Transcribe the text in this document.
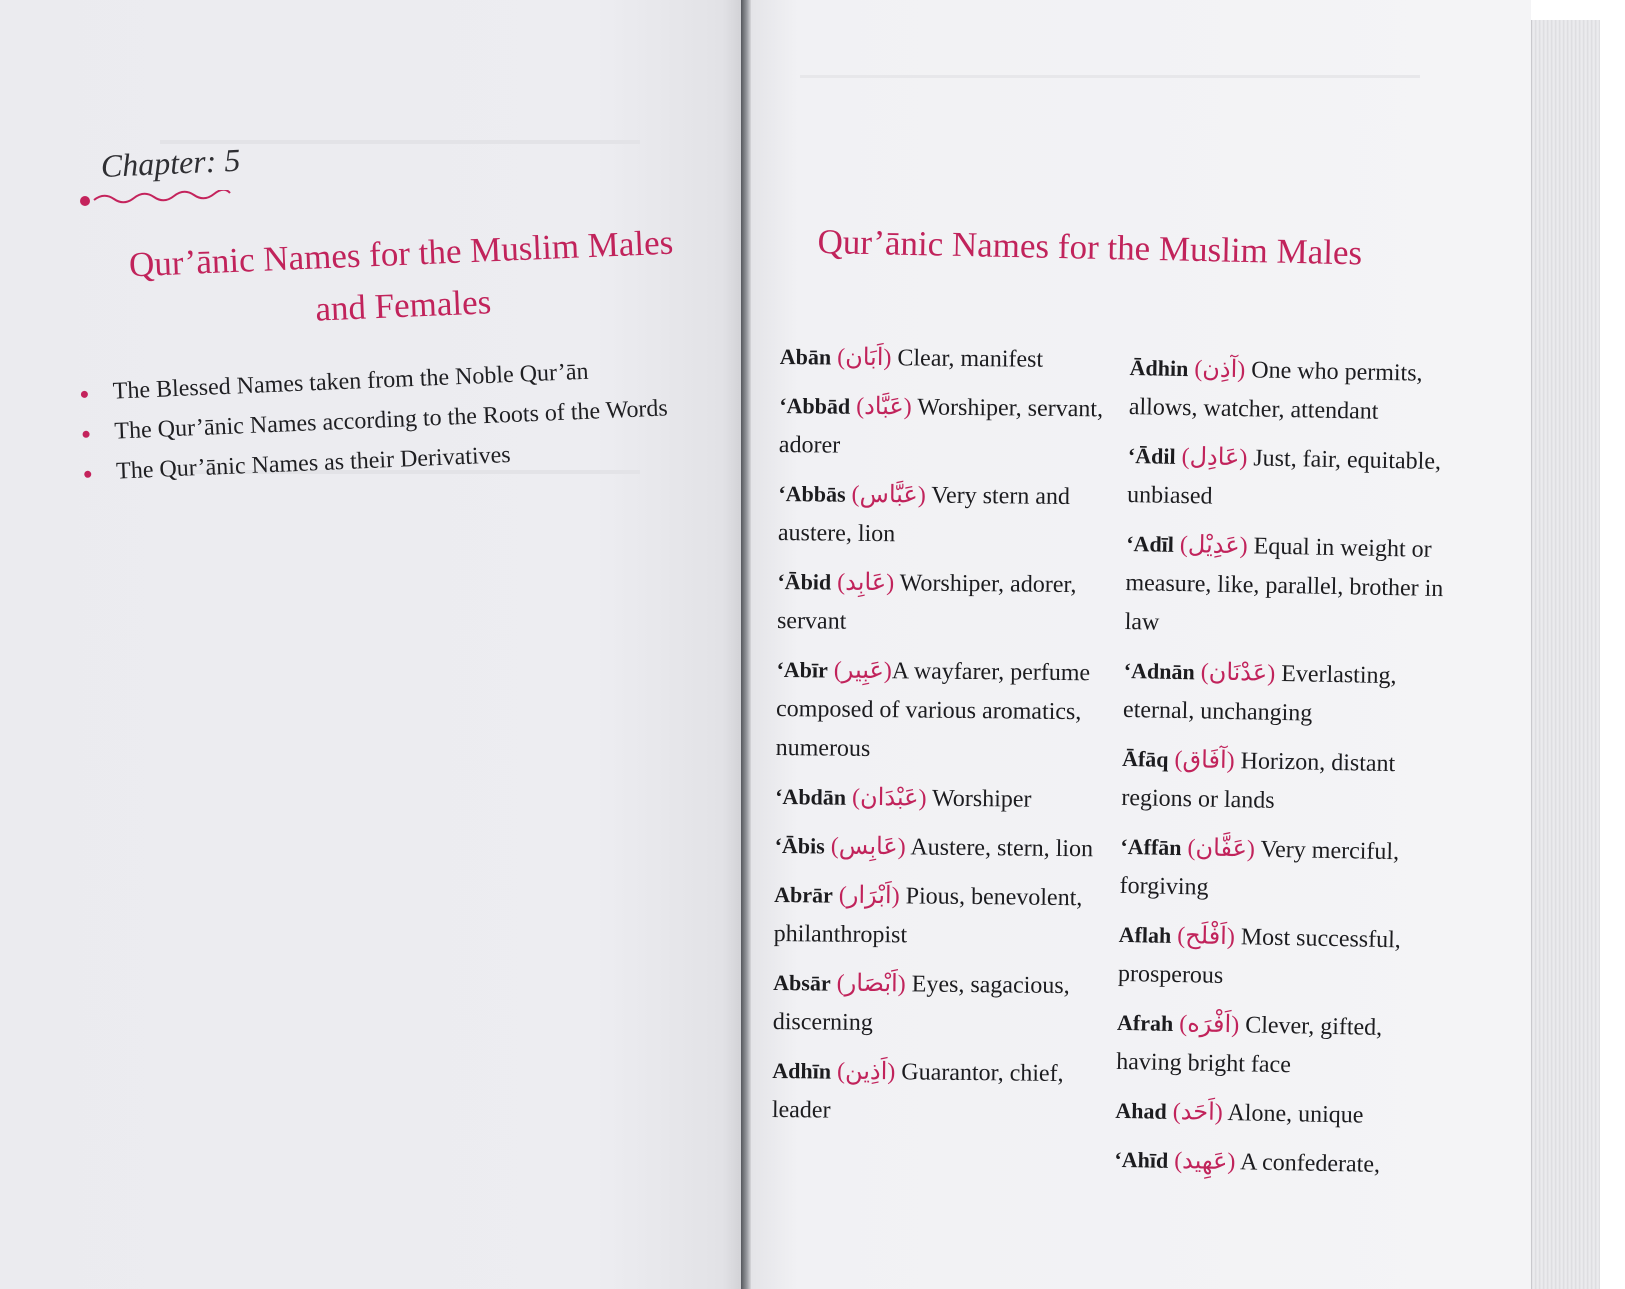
Chapter: 5
Qur’ānic Names for the Muslim Males
and Females
The Blessed Names taken from the Noble Qur’ān
The Qur’ānic Names according to the Roots of the Words
The Qur’ānic Names as their Derivatives
Qur’ānic Names for the Muslim Males
Abān (اَبَان) Clear, manifest
‘Abbād (عَبَّاد) Worshiper, servant, adorer
‘Abbās (عَبَّاس) Very stern and austere, lion
‘Ābid (عَابِد) Worshiper, adorer, servant
‘Abīr (عَبِير)A wayfarer, perfume composed of various aromatics, numerous
‘Abdān (عَبْدَان) Worshiper
‘Ābis (عَابِس) Austere, stern, lion
Abrār (اَبْرَار) Pious, benevolent, philanthropist
Absār (اَبْصَار) Eyes, sagacious, discerning
Adhīn (اَذِين) Guarantor, chief, leader
Ādhin (آذِن) One who permits, allows, watcher, attendant
‘Ādil (عَادِل) Just, fair, equitable, unbiased
‘Adīl (عَدِيْل) Equal in weight or measure, like, parallel, brother in law
‘Adnān (عَدْنَان) Everlasting, eternal, unchanging
Āfāq (آفَاق) Horizon, distant regions or lands
‘Affān (عَفَّان) Very merciful, forgiving
Aflah (اَفْلَح) Most successful, prosperous
Afrah (اَفْرَه) Clever, gifted, having bright face
Ahad (اَحَد) Alone, unique
‘Ahīd (عَهِيد) A confederate,
